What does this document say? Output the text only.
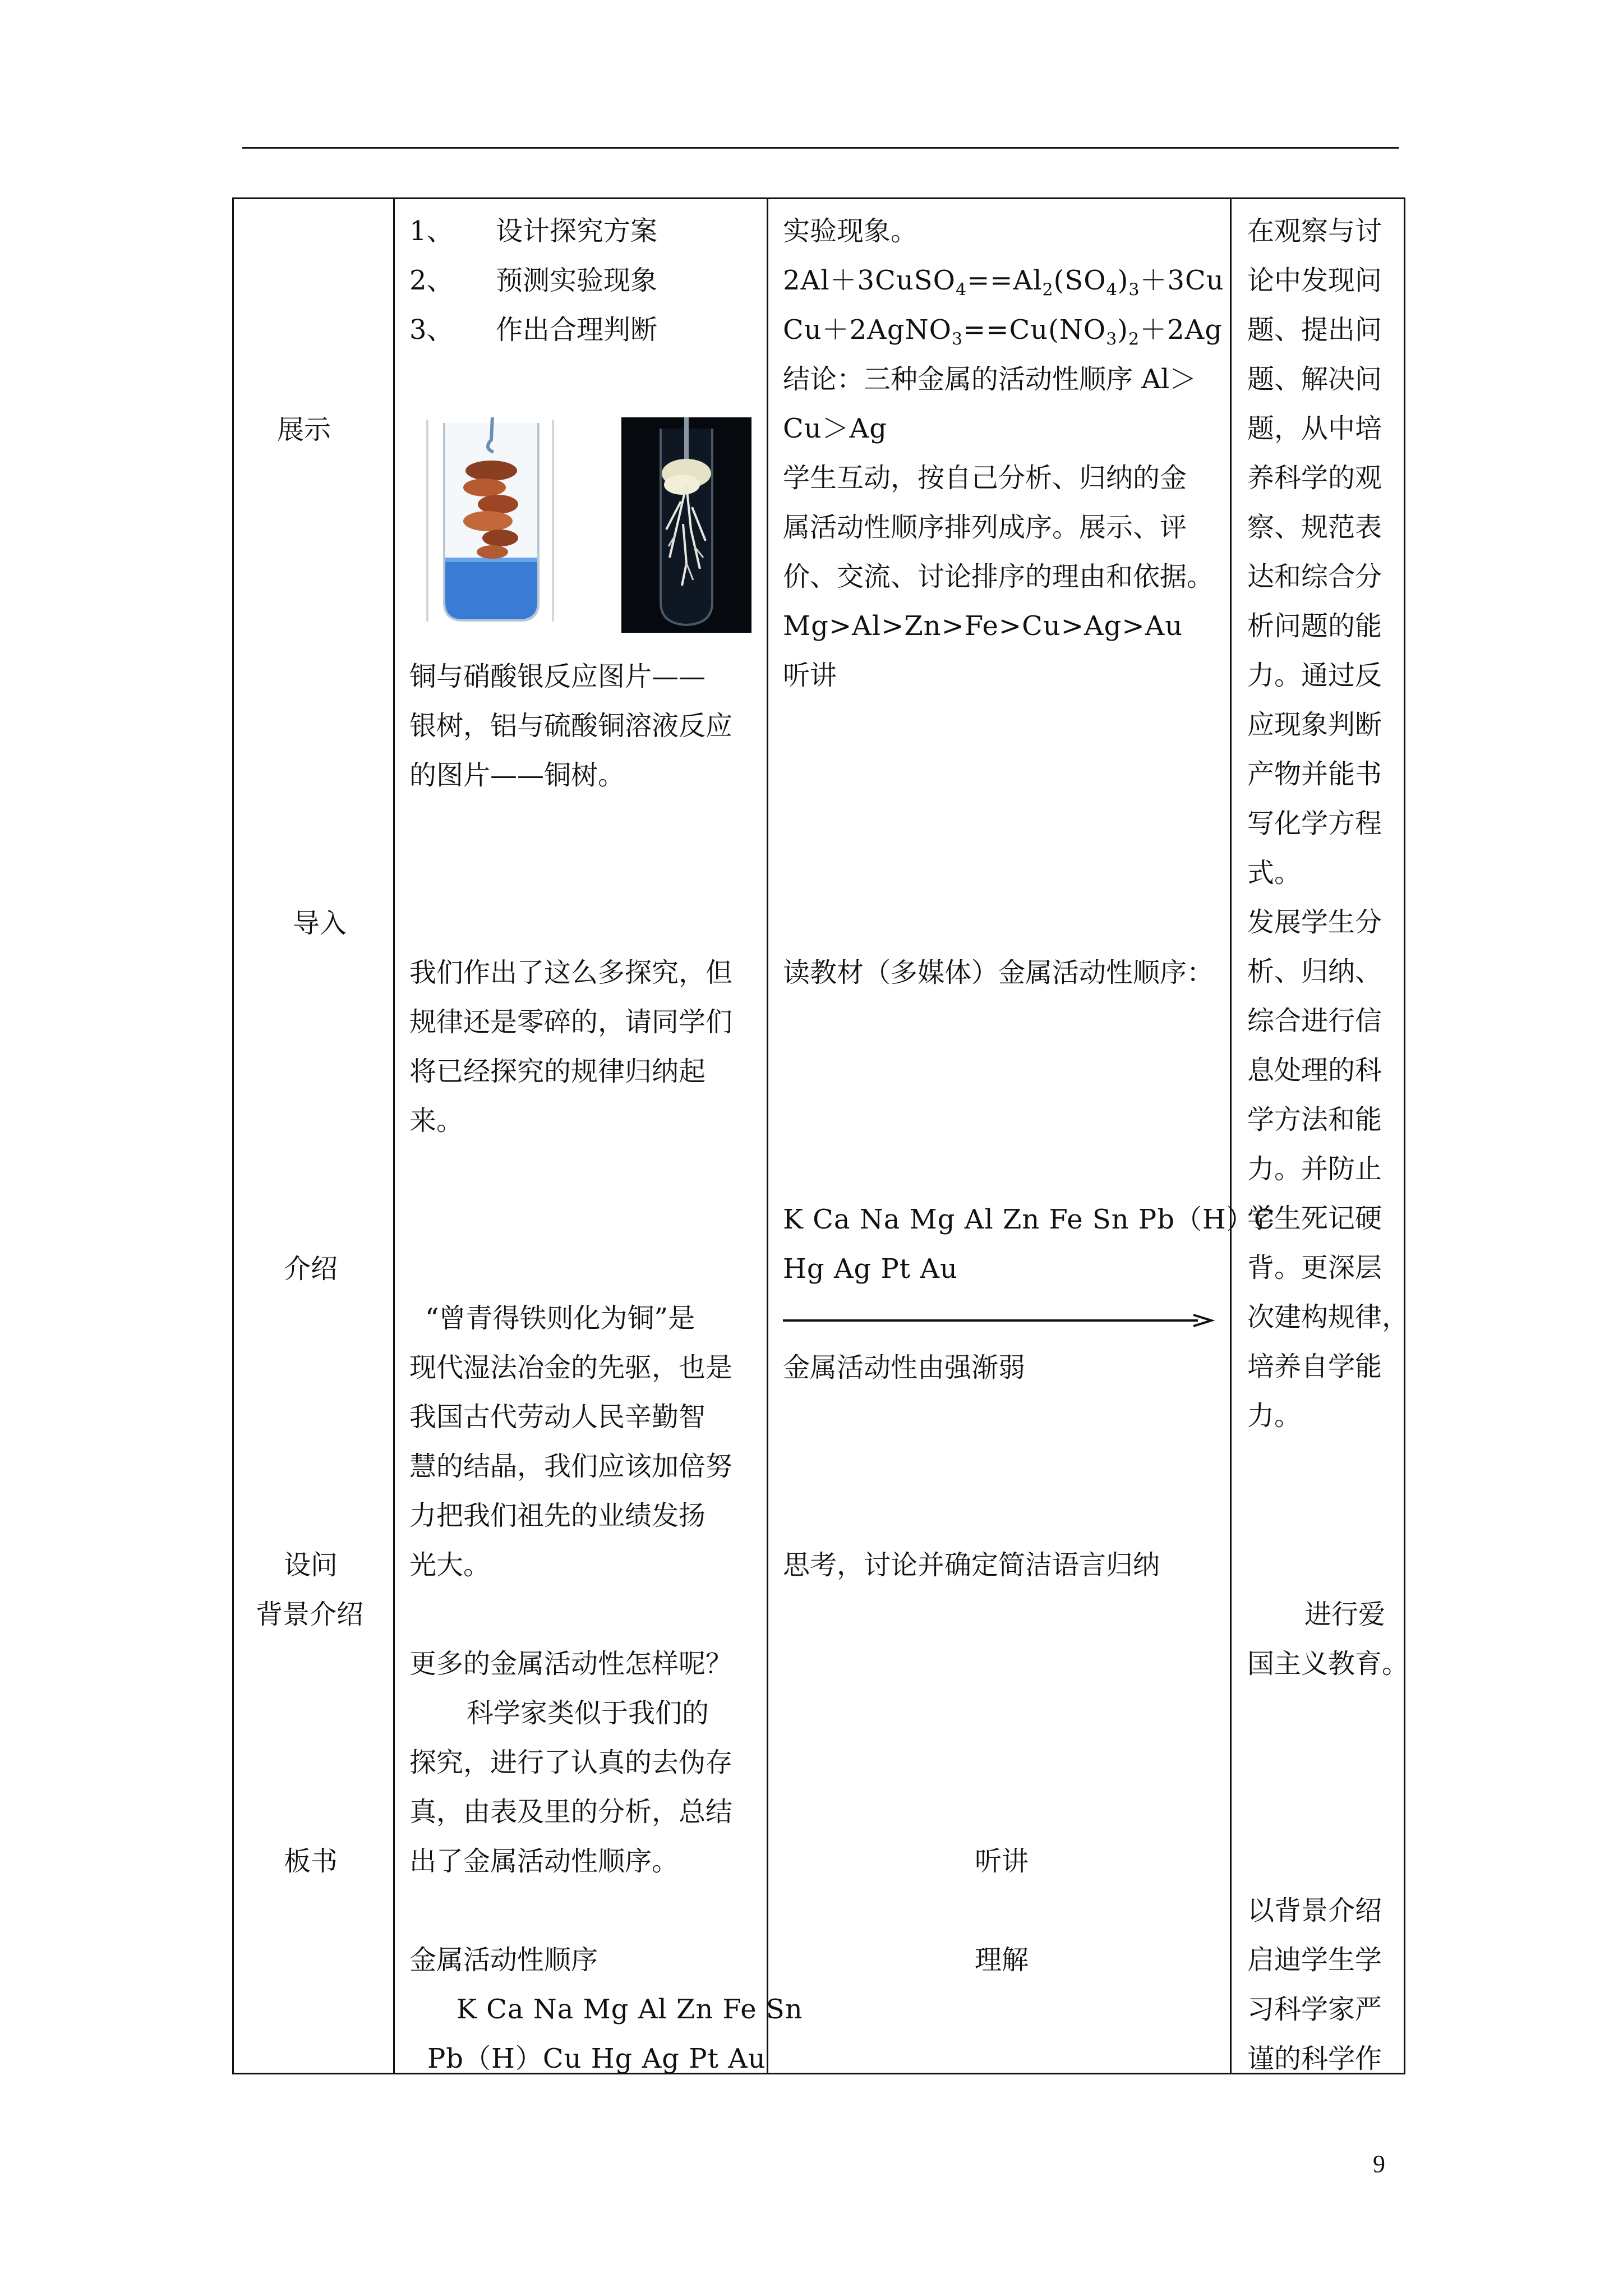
展示
导入
介绍
设问
背景介绍
板书
1、 设计探究方案
2、 预测实验现象
3、 作出合理判断
铜与硝酸银反应图片——
银树，铝与硫酸铜溶液反应
的图片——铜树。
我们作出了这么多探究，但
规律还是零碎的，请同学们
将已经探究的规律归纳起
来。
“曾青得铁则化为铜”是
现代湿法冶金的先驱，也是
我国古代劳动人民辛勤智
慧的结晶，我们应该加倍努
力把我们祖先的业绩发扬
光大。
更多的金属活动性怎样呢？
科学家类似于我们的
探究，进行了认真的去伪存
真，由表及里的分析，总结
出了金属活动性顺序。
金属活动性顺序
K Ca Na Mg Al Zn Fe Sn
Pb（H）Cu Hg Ag Pt Au
实验现象。
$2Al+3CuSO_4==Al_2(SO_4)_3+3Cu$
$Cu+2AgNO_3==Cu(NO_3)_2+2Ag$
结论：三种金属的活动性顺序 Al＞
Cu＞Ag
学生互动，按自己分析、归纳的金
属活动性顺序排列成序。展示、评
价、交流、讨论排序的理由和依据。
Mg>Al>Zn>Fe>Cu>Ag>Au
听讲
读教材（多媒体）金属活动性顺序：
K Ca Na Mg Al Zn Fe Sn Pb（H）C
Hg Ag Pt Au
金属活动性由强渐弱
思考，讨论并确定简洁语言归纳
听讲
理解
在观察与讨
论中发现问
题、提出问
题、解决问
题，从中培
养科学的观
察、规范表
达和综合分
析问题的能
力。通过反
应现象判断
产物并能书
写化学方程
式。
发展学生分
析、归纳、
综合进行信
息处理的科
学方法和能
力。并防止
学生死记硬
背。更深层
次建构规律，
培养自学能
力。
进行爱
国主义教育。
以背景介绍
启迪学生学
习科学家严
谨的科学作
9
